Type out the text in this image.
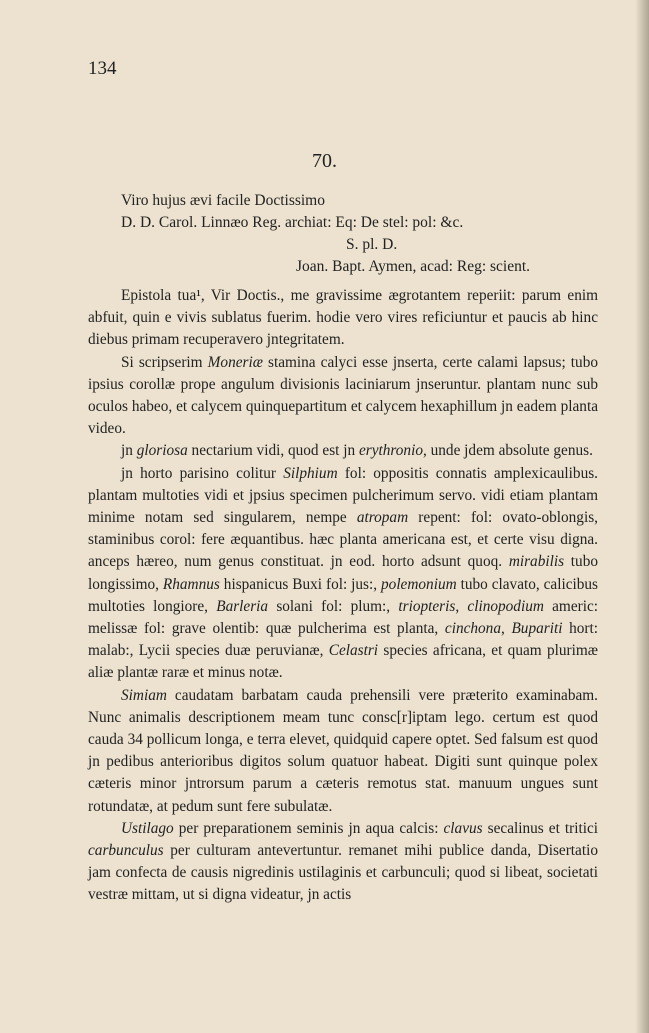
134
70.
Viro hujus ævi facile Doctissimo
D. D. Carol. Linnæo Reg. archiat: Eq: De stel: pol: &c.
S. pl. D.
Joan. Bapt. Aymen, acad: Reg: scient.

Epistola tua¹, Vir Doctis., me gravissime ægrotantem reperiit: parum enim abfuit, quin e vivis sublatus fuerim. hodie vero vires reficiuntur et paucis ab hinc diebus primam recuperavero jntegritatem.

Si scripserim Moneriæ stamina calyci esse jnserta, certe calami lapsus; tubo ipsius corollæ prope angulum divisionis laciniarum jnseruntur. plantam nunc sub oculos habeo, et calycem quinquepartitum et calycem hexaphillum jn eadem planta video.

jn gloriosa nectarium vidi, quod est jn erythronio, unde jdem absolute genus.

jn horto parisino colitur Silphium fol: oppositis connatis amplexicaulibus. plantam multoties vidi et jpsius specimen pulcherimum servo. vidi etiam plantam minime notam sed singularem, nempe atropam repent: fol: ovato-oblongis, staminibus corol: fere æquantibus. hæc planta americana est, et certe visu digna. anceps hæreo, num genus constituat. jn eod. horto adsunt quoq. mirabilis tubo longissimo, Rhamnus hispanicus Buxi fol: jus:, polemonium tubo clavato, calicibus multoties longiore, Barleria solani fol: plum:, triopteris, clinopodium americ: melissæ fol: grave olentib: quæ pulcherima est planta, cinchona, Bupariti hort: malab:, Lycii species duæ peruvianæ, Celastri species africana, et quam plurimæ aliæ plantæ raræ et minus notæ.

Simiam caudatam barbatam cauda prehensili vere præterito examinabam. Nunc animalis descriptionem meam tunc consc[r]iptam lego. certum est quod cauda 34 pollicum longa, e terra elevet, quidquid capere optet. Sed falsum est quod jn pedibus anterioribus digitos solum quatuor habeat. Digiti sunt quinque polex cæteris minor jntrorsum parum a cæteris remotus stat. manuum ungues sunt rotundatæ, at pedum sunt fere subulatæ.

Ustilago per preparationem seminis jn aqua calcis: clavus secalinus et tritici carbunculus per culturam antevertuntur. remanet mihi publice danda, Disertatio jam confecta de causis nigredinis ustilaginis et carbunculi; quod si libeat, societati vestræ mittam, ut si digna videatur, jn actis
